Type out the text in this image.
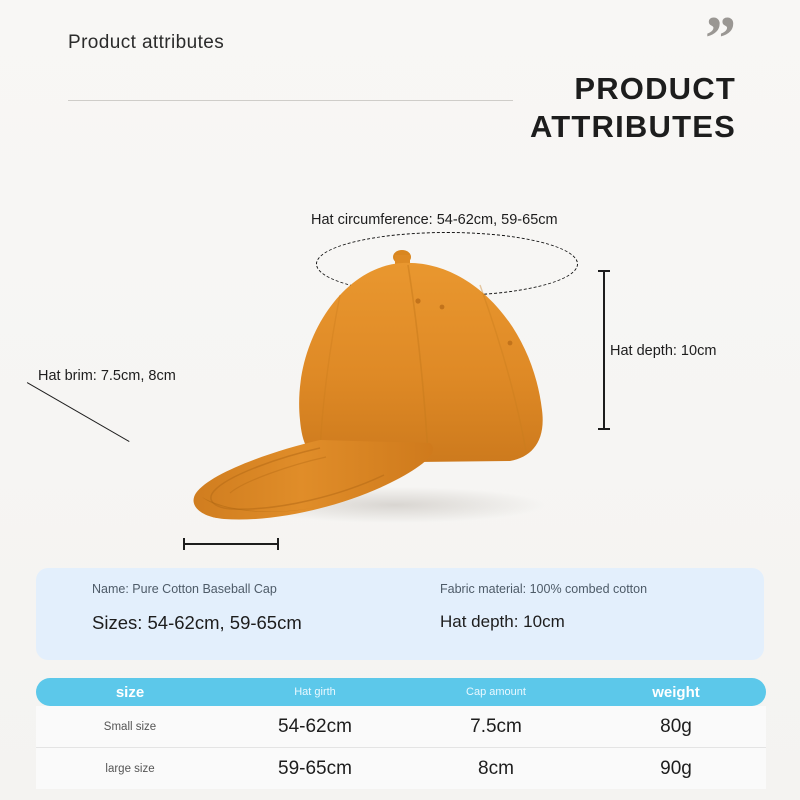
Product attributes	”
PRODUCT
ATTRIBUTES
Hat circumference: 54-62cm, 59-65cm
Hat depth: 10cm
Hat brim: 7.5cm, 8cm
Name: Pure Cotton Baseball Cap	Fabric material: 100% combed cotton
Sizes: 54-62cm, 59-65cm	Hat depth: 10cm
size	Hat girth	Cap amount	weight
Small size	54-62cm	7.5cm	80g
large size	59-65cm	8cm	90g
